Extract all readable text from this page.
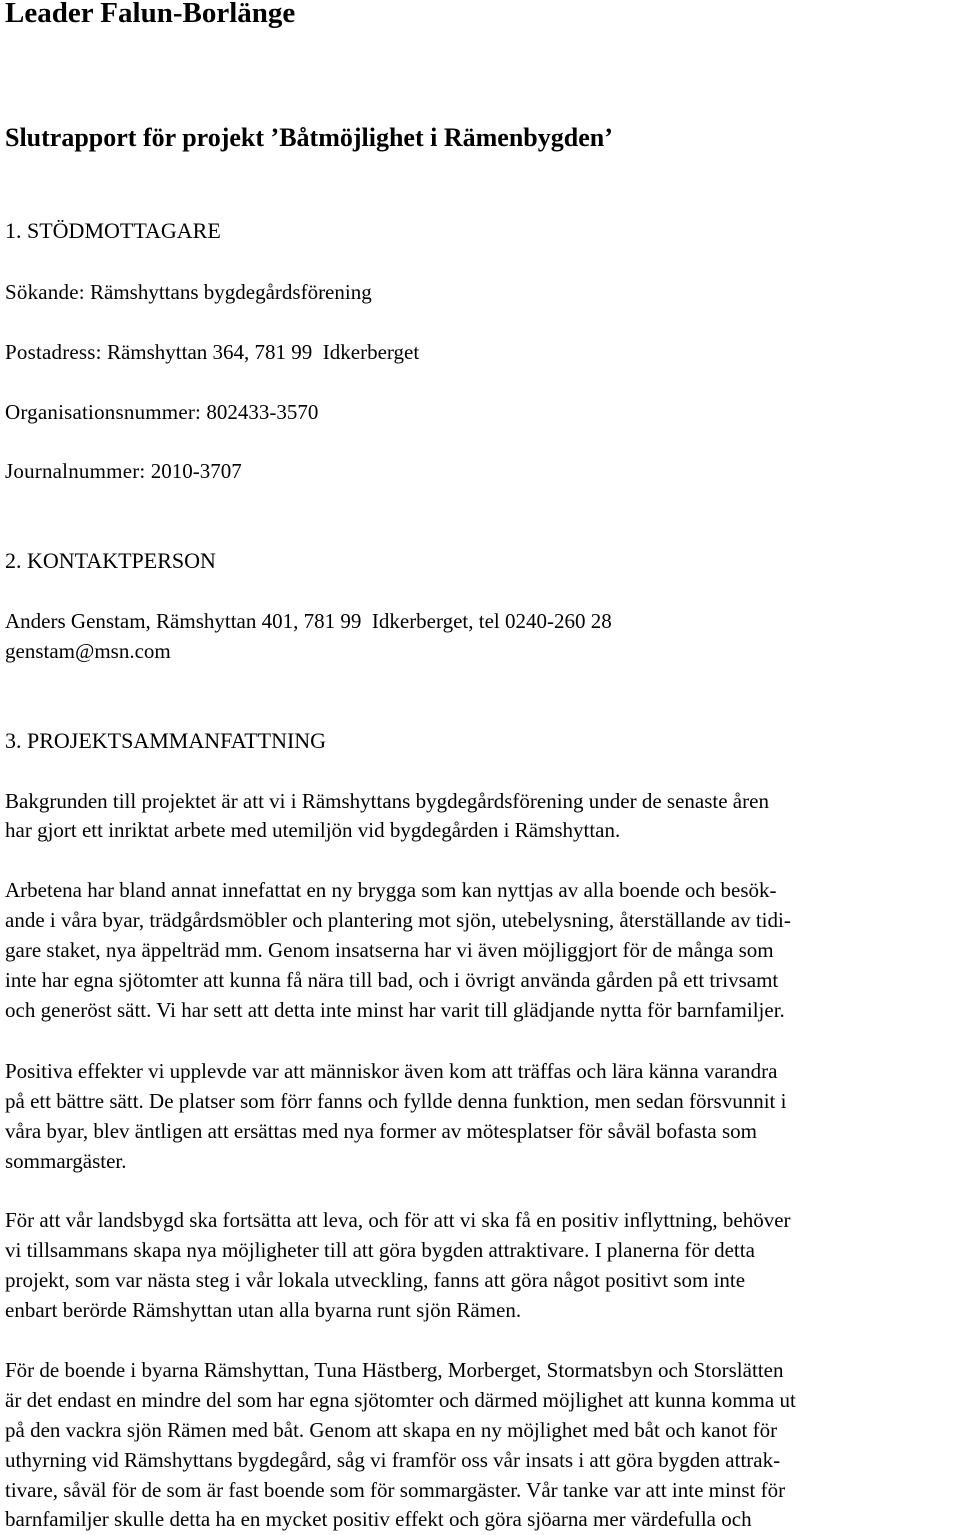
Leader Falun-Borlänge
Slutrapport för projekt ’Båtmöjlighet i Rämenbygden’
1. STÖDMOTTAGARE
Sökande: Rämshyttans bygdegårdsförening
Postadress: Rämshyttan 364, 781 99  Idkerberget
Organisationsnummer: 802433-3570
Journalnummer: 2010-3707
2. KONTAKTPERSON
Anders Genstam, Rämshyttan 401, 781 99  Idkerberget, tel 0240-260 28
genstam@msn.com
3. PROJEKTSAMMANFATTNING
Bakgrunden till projektet är att vi i Rämshyttans bygdegårdsförening under de senaste åren
har gjort ett inriktat arbete med utemiljön vid bygdegården i Rämshyttan.
Arbetena har bland annat innefattat en ny brygga som kan nyttjas av alla boende och besök-
ande i våra byar, trädgårdsmöbler och plantering mot sjön, utebelysning, återställande av tidi-
gare staket, nya äppelträd mm. Genom insatserna har vi även möjliggjort för de många som
inte har egna sjötomter att kunna få nära till bad, och i övrigt använda gården på ett trivsamt
och generöst sätt. Vi har sett att detta inte minst har varit till glädjande nytta för barnfamiljer.
Positiva effekter vi upplevde var att människor även kom att träffas och lära känna varandra
på ett bättre sätt. De platser som förr fanns och fyllde denna funktion, men sedan försvunnit i
våra byar, blev äntligen att ersättas med nya former av mötesplatser för såväl bofasta som
sommargäster.
För att vår landsbygd ska fortsätta att leva, och för att vi ska få en positiv inflyttning, behöver
vi tillsammans skapa nya möjligheter till att göra bygden attraktivare. I planerna för detta
projekt, som var nästa steg i vår lokala utveckling, fanns att göra något positivt som inte
enbart berörde Rämshyttan utan alla byarna runt sjön Rämen.
För de boende i byarna Rämshyttan, Tuna Hästberg, Morberget, Stormatsbyn och Storslätten
är det endast en mindre del som har egna sjötomter och därmed möjlighet att kunna komma ut
på den vackra sjön Rämen med båt. Genom att skapa en ny möjlighet med båt och kanot för
uthyrning vid Rämshyttans bygdegård, såg vi framför oss vår insats i att göra bygden attrak-
tivare, såväl för de som är fast boende som för sommargäster. Vår tanke var att inte minst för
barnfamiljer skulle detta ha en mycket positiv effekt och göra sjöarna mer värdefulla och
